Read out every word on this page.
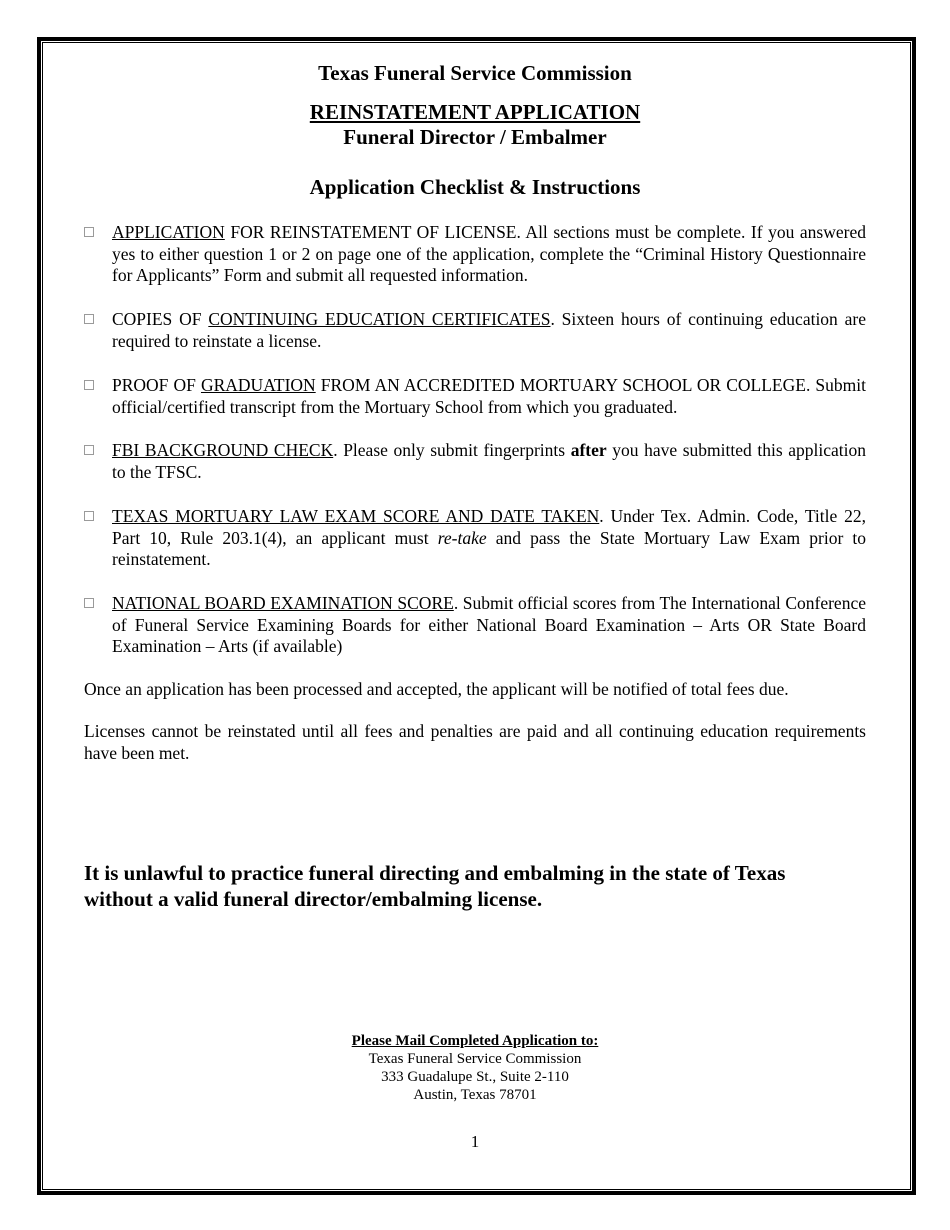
Texas Funeral Service Commission
REINSTATEMENT APPLICATION
Funeral Director / Embalmer
Application Checklist & Instructions
APPLICATION FOR REINSTATEMENT OF LICENSE. All sections must be complete. If you answered yes to either question 1 or 2 on page one of the application, complete the “Criminal History Questionnaire for Applicants” Form and submit all requested information.
COPIES OF CONTINUING EDUCATION CERTIFICATES. Sixteen hours of continuing education are required to reinstate a license.
PROOF OF GRADUATION FROM AN ACCREDITED MORTUARY SCHOOL OR COLLEGE. Submit official/certified transcript from the Mortuary School from which you graduated.
FBI BACKGROUND CHECK. Please only submit fingerprints after you have submitted this application to the TFSC.
TEXAS MORTUARY LAW EXAM SCORE AND DATE TAKEN. Under Tex. Admin. Code, Title 22, Part 10, Rule 203.1(4), an applicant must re-take and pass the State Mortuary Law Exam prior to reinstatement.
NATIONAL BOARD EXAMINATION SCORE. Submit official scores from The International Conference of Funeral Service Examining Boards for either National Board Examination – Arts OR State Board Examination – Arts (if available)
Once an application has been processed and accepted, the applicant will be notified of total fees due.
Licenses cannot be reinstated until all fees and penalties are paid and all continuing education requirements have been met.
It is unlawful to practice funeral directing and embalming in the state of Texas without a valid funeral director/embalming license.
Please Mail Completed Application to:
Texas Funeral Service Commission
333 Guadalupe St., Suite 2-110
Austin, Texas 78701
1
